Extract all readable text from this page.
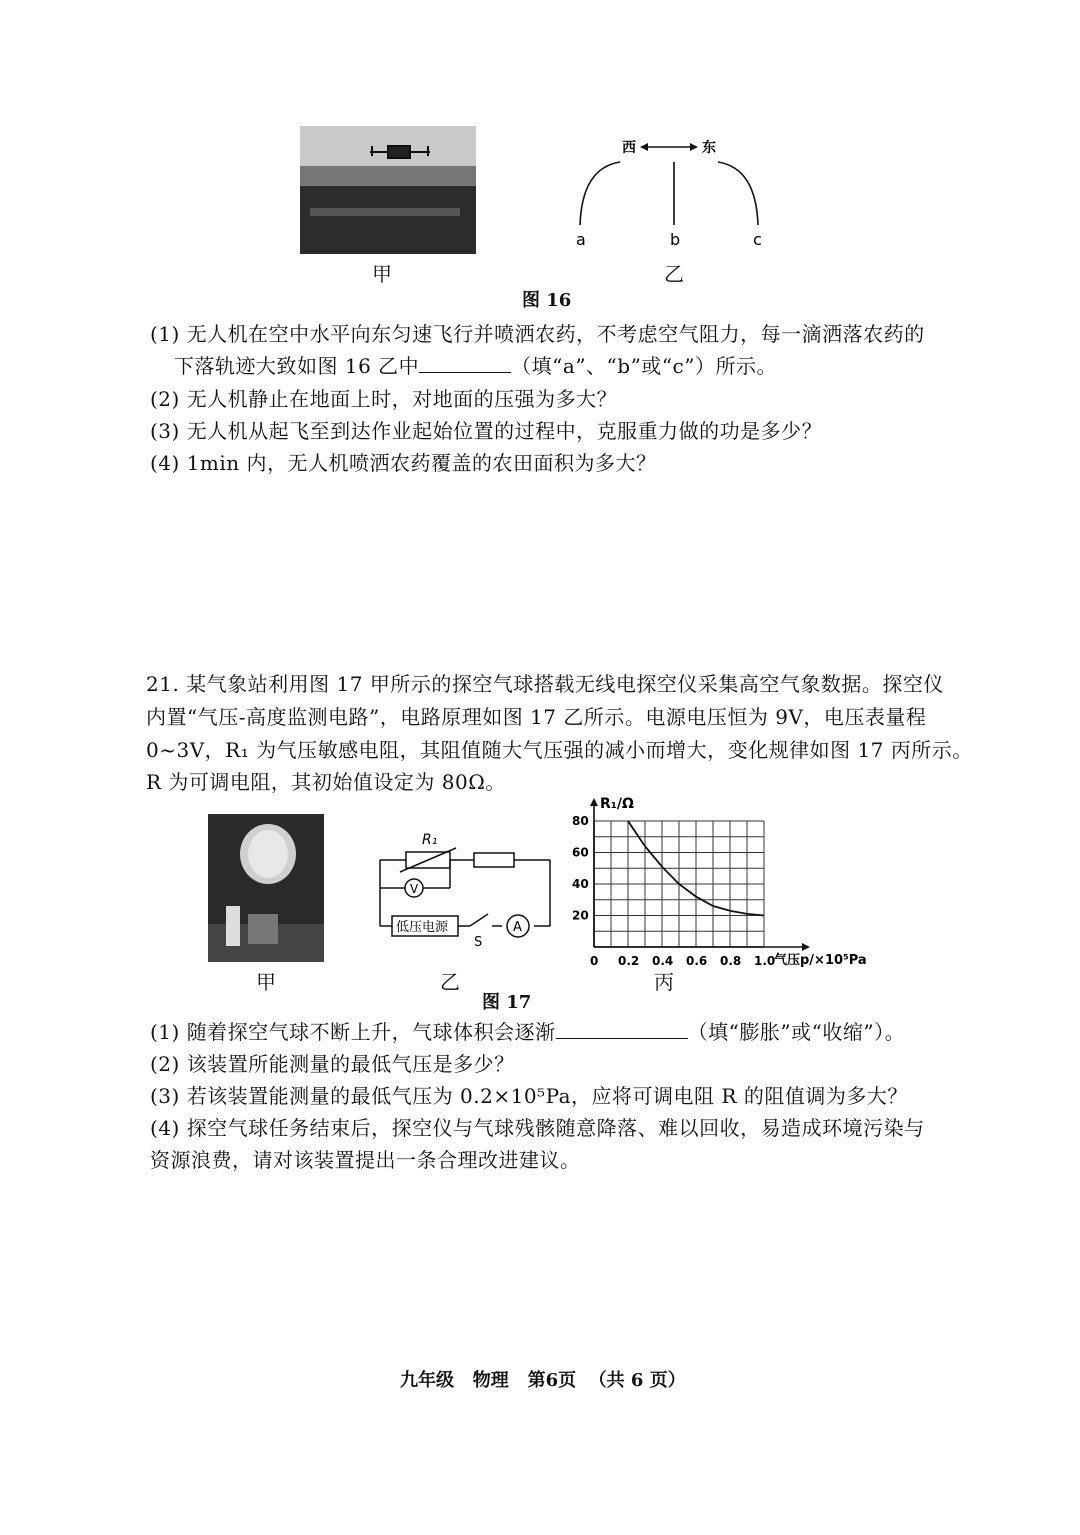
甲
西	东
a	b	c
乙
图 16
(1) 无人机在空中水平向东匀速飞行并喷洒农药，不考虑空气阻力，每一滴洒落农药的
下落轨迹大致如图 16 乙中	（填“a”、“b”或“c”）所示。
(2) 无人机静止在地面上时，对地面的压强为多大？
(3) 无人机从起飞至到达作业起始位置的过程中，克服重力做的功是多少？
(4) 1min 内，无人机喷洒农药覆盖的农田面积为多大？
21. 某气象站利用图 17 甲所示的探空气球搭载无线电探空仪采集高空气象数据。探空仪
内置“气压-高度监测电路”，电路原理如图 17 乙所示。电源电压恒为 9V，电压表量程
0~3V，R₁ 为气压敏感电阻，其阻值随大气压强的减小而增大，变化规律如图 17 丙所示。
R 为可调电阻，其初始值设定为 80Ω。
甲
V
A
R₁
低压电源
S
乙
0 0.2 0.4 0.6 0.8 1.0
20
40
60
80
R₁/Ω
气压p/×10⁵Pa
丙
图 17
(1) 随着探空气球不断上升，气球体积会逐渐	（填“膨胀”或“收缩”）。
(2) 该装置所能测量的最低气压是多少？
(3) 若该装置能测量的最低气压为 0.2×10⁵Pa，应将可调电阻 R 的阻值调为多大？
(4) 探空气球任务结束后，探空仪与气球残骸随意降落、难以回收，易造成环境污染与
资源浪费，请对该装置提出一条合理改进建议。
九年级   物理   第6页  （共 6 页）
